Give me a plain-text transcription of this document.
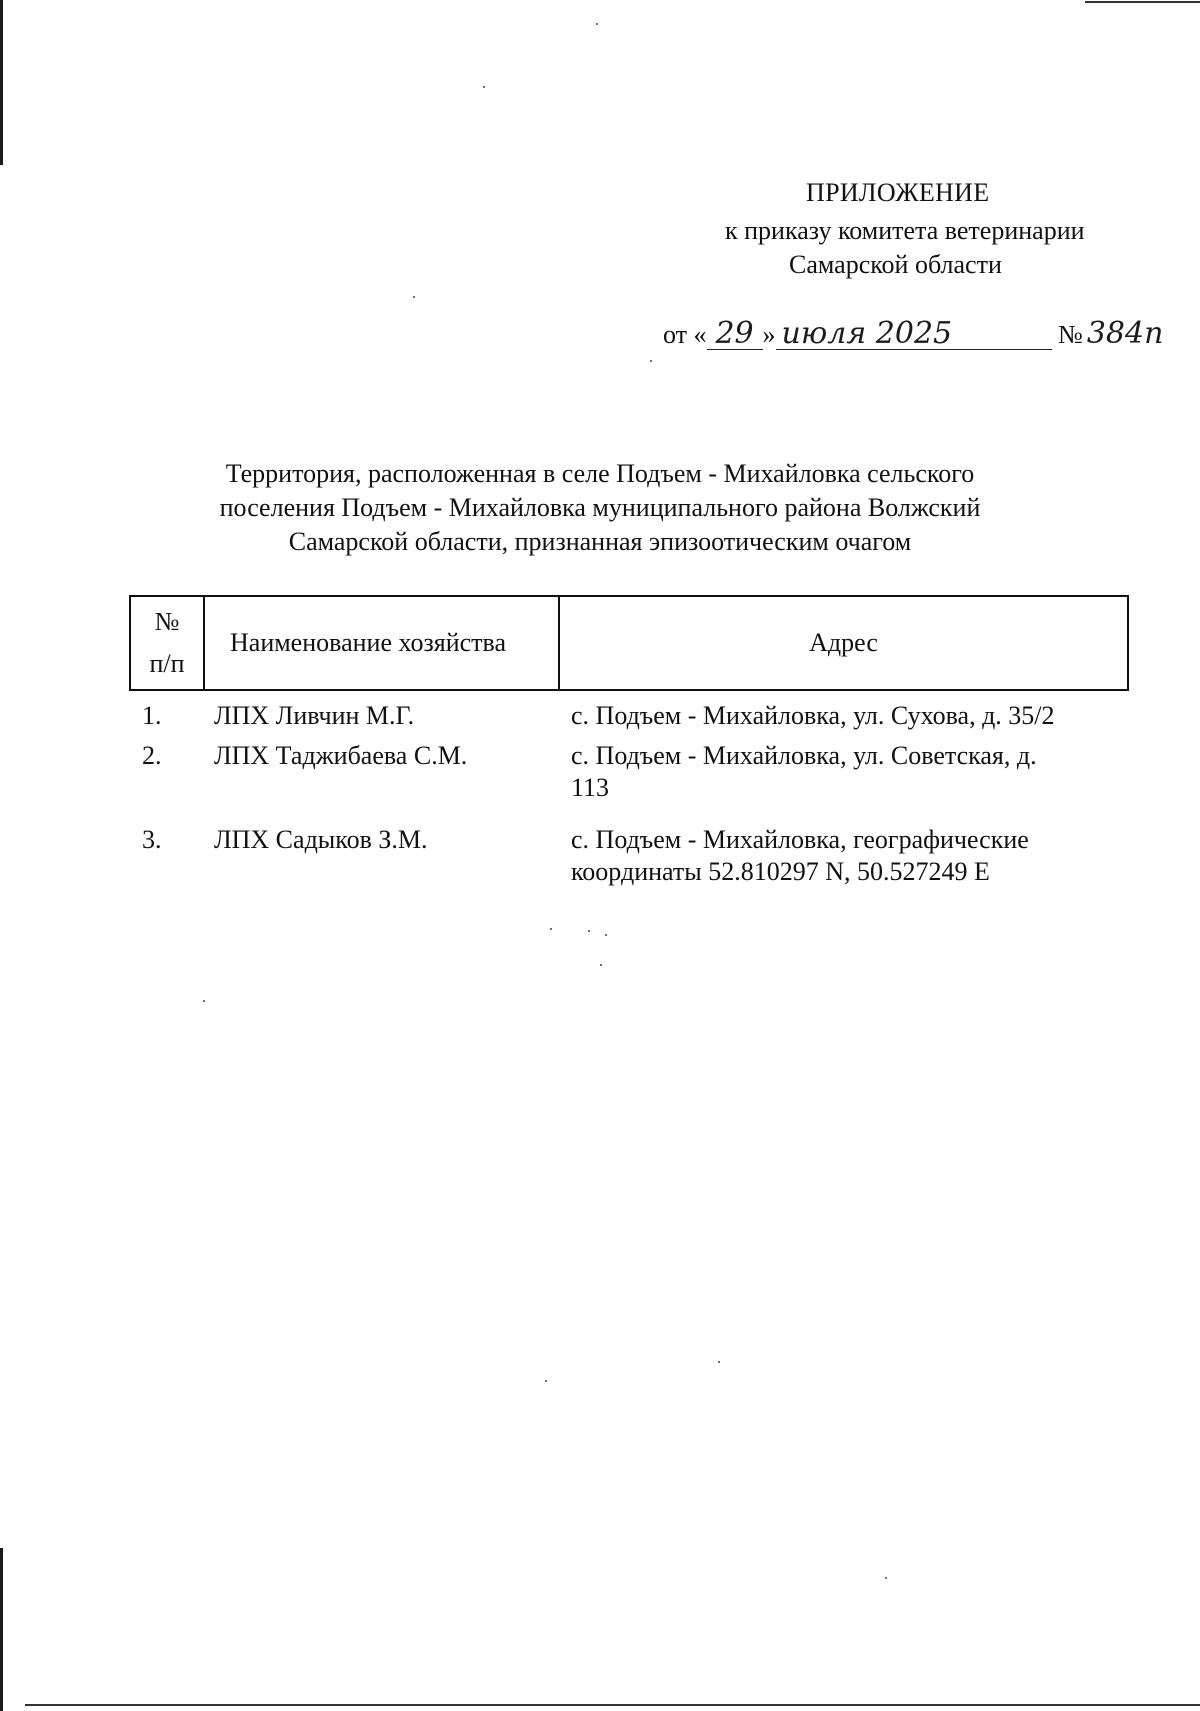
ПРИЛОЖЕНИЕ
к приказу комитета ветеринарии
Самарской области
от « 29 » июля 2025	№ 384п
Территория, расположенная в селе Подъем - Михайловка сельского
поселения Подъем - Михайловка муниципального района Волжский
Самарской области, признанная эпизоотическим очагом
№
п/п	Наименование хозяйства	Адрес
1.	ЛПХ Ливчин М.Г.	с. Подъем - Михайловка, ул. Сухова, д. 35/2
2.	ЛПХ Таджибаева С.М.	с. Подъем - Михайловка, ул. Советская, д.
113
3.	ЛПХ Садыков З.М.	с. Подъем - Михайловка, географические
координаты 52.810297 N, 50.527249 E
